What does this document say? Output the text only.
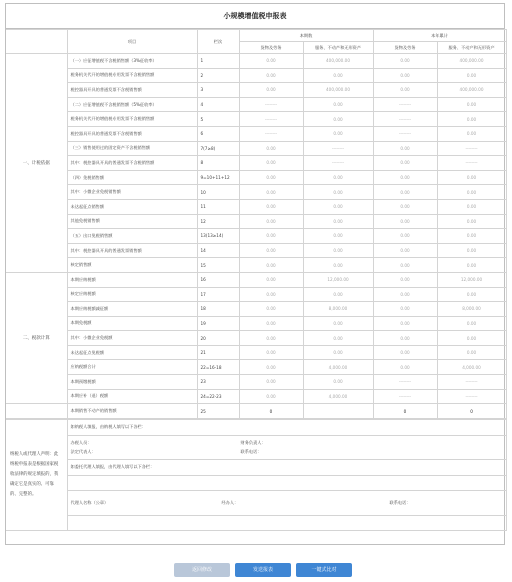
小规模增值税申报表
	项目	栏次	本期数		本年累计	
			货物及劳务	服务、不动产和无形资产	货物及劳务	服务、不动产和无形资产
一、计税依据	（一）应征增值税不含税销售额（3%征收率）	1	0.00	400,000.00	0.00	400,000.00
	税务机关代开的增值税专用发票不含税销售额	2	0.00	0.00	0.00	0.00
	税控器具开具的普通发票不含税销售额	3	0.00	400,000.00	0.00	400,000.00
	（二）应征增值税不含税销售额（5%征收率）	4	--------	0.00	--------	0.00
	税务机关代开的增值税专用发票不含税销售额	5	--------	0.00	--------	0.00
	税控器具开具的普通发票不含税销售额	6	--------	0.00	--------	0.00
	（三）销售使用过的固定资产不含税销售额	7(7≥8)	0.00	--------	0.00	--------
	其中：税控器具开具的普通发票不含税销售额	8	0.00	--------	0.00	--------
	（四）免税销售额	9=10+11+12	0.00	0.00	0.00	0.00
	其中：小微企业免税销售额	10	0.00	0.00	0.00	0.00
	未达起征点销售额	11	0.00	0.00	0.00	0.00
	其他免税销售额	12	0.00	0.00	0.00	0.00
	（五）出口免税销售额	13(13≥14)	0.00	0.00	0.00	0.00
	其中：税控器具开具的普通发票销售额	14	0.00	0.00	0.00	0.00
	核定销售额	15	0.00	0.00	0.00	0.00
二、税款计算	本期应纳税额	16	0.00	12,000.00	0.00	12,000.00
	核定应纳税额	17	0.00	0.00	0.00	0.00
	本期应纳税额减征额	18	0.00	8,000.00	0.00	8,000.00
	本期免税额	19	0.00	0.00	0.00	0.00
	其中：小微企业免税额	20	0.00	0.00	0.00	0.00
	未达起征点免税额	21	0.00	0.00	0.00	0.00
	应纳税额合计	22=16-18	0.00	4,000.00	0.00	4,000.00
	本期预缴税额	23	0.00	0.00	--------	--------
	本期应补（退）税额	24=22-23	0.00	4,000.00	--------	--------
	本期销售不动产的销售额	25	0		0	0
纳税人或代理人声明：此纳税申报表是根据国家税收法律的规定填报的，我确定它是真实的、可靠的、完整的。	如纳税人填报，由纳税人填写以下各栏：

办税人员：	财务负责人：
法定代表人：	联系电话：

如委托代理人填报，由代理人填写以下各栏：

代理人名称（公章）	经办人：	联系电话：

返回修改	发送报表	一键式比对
